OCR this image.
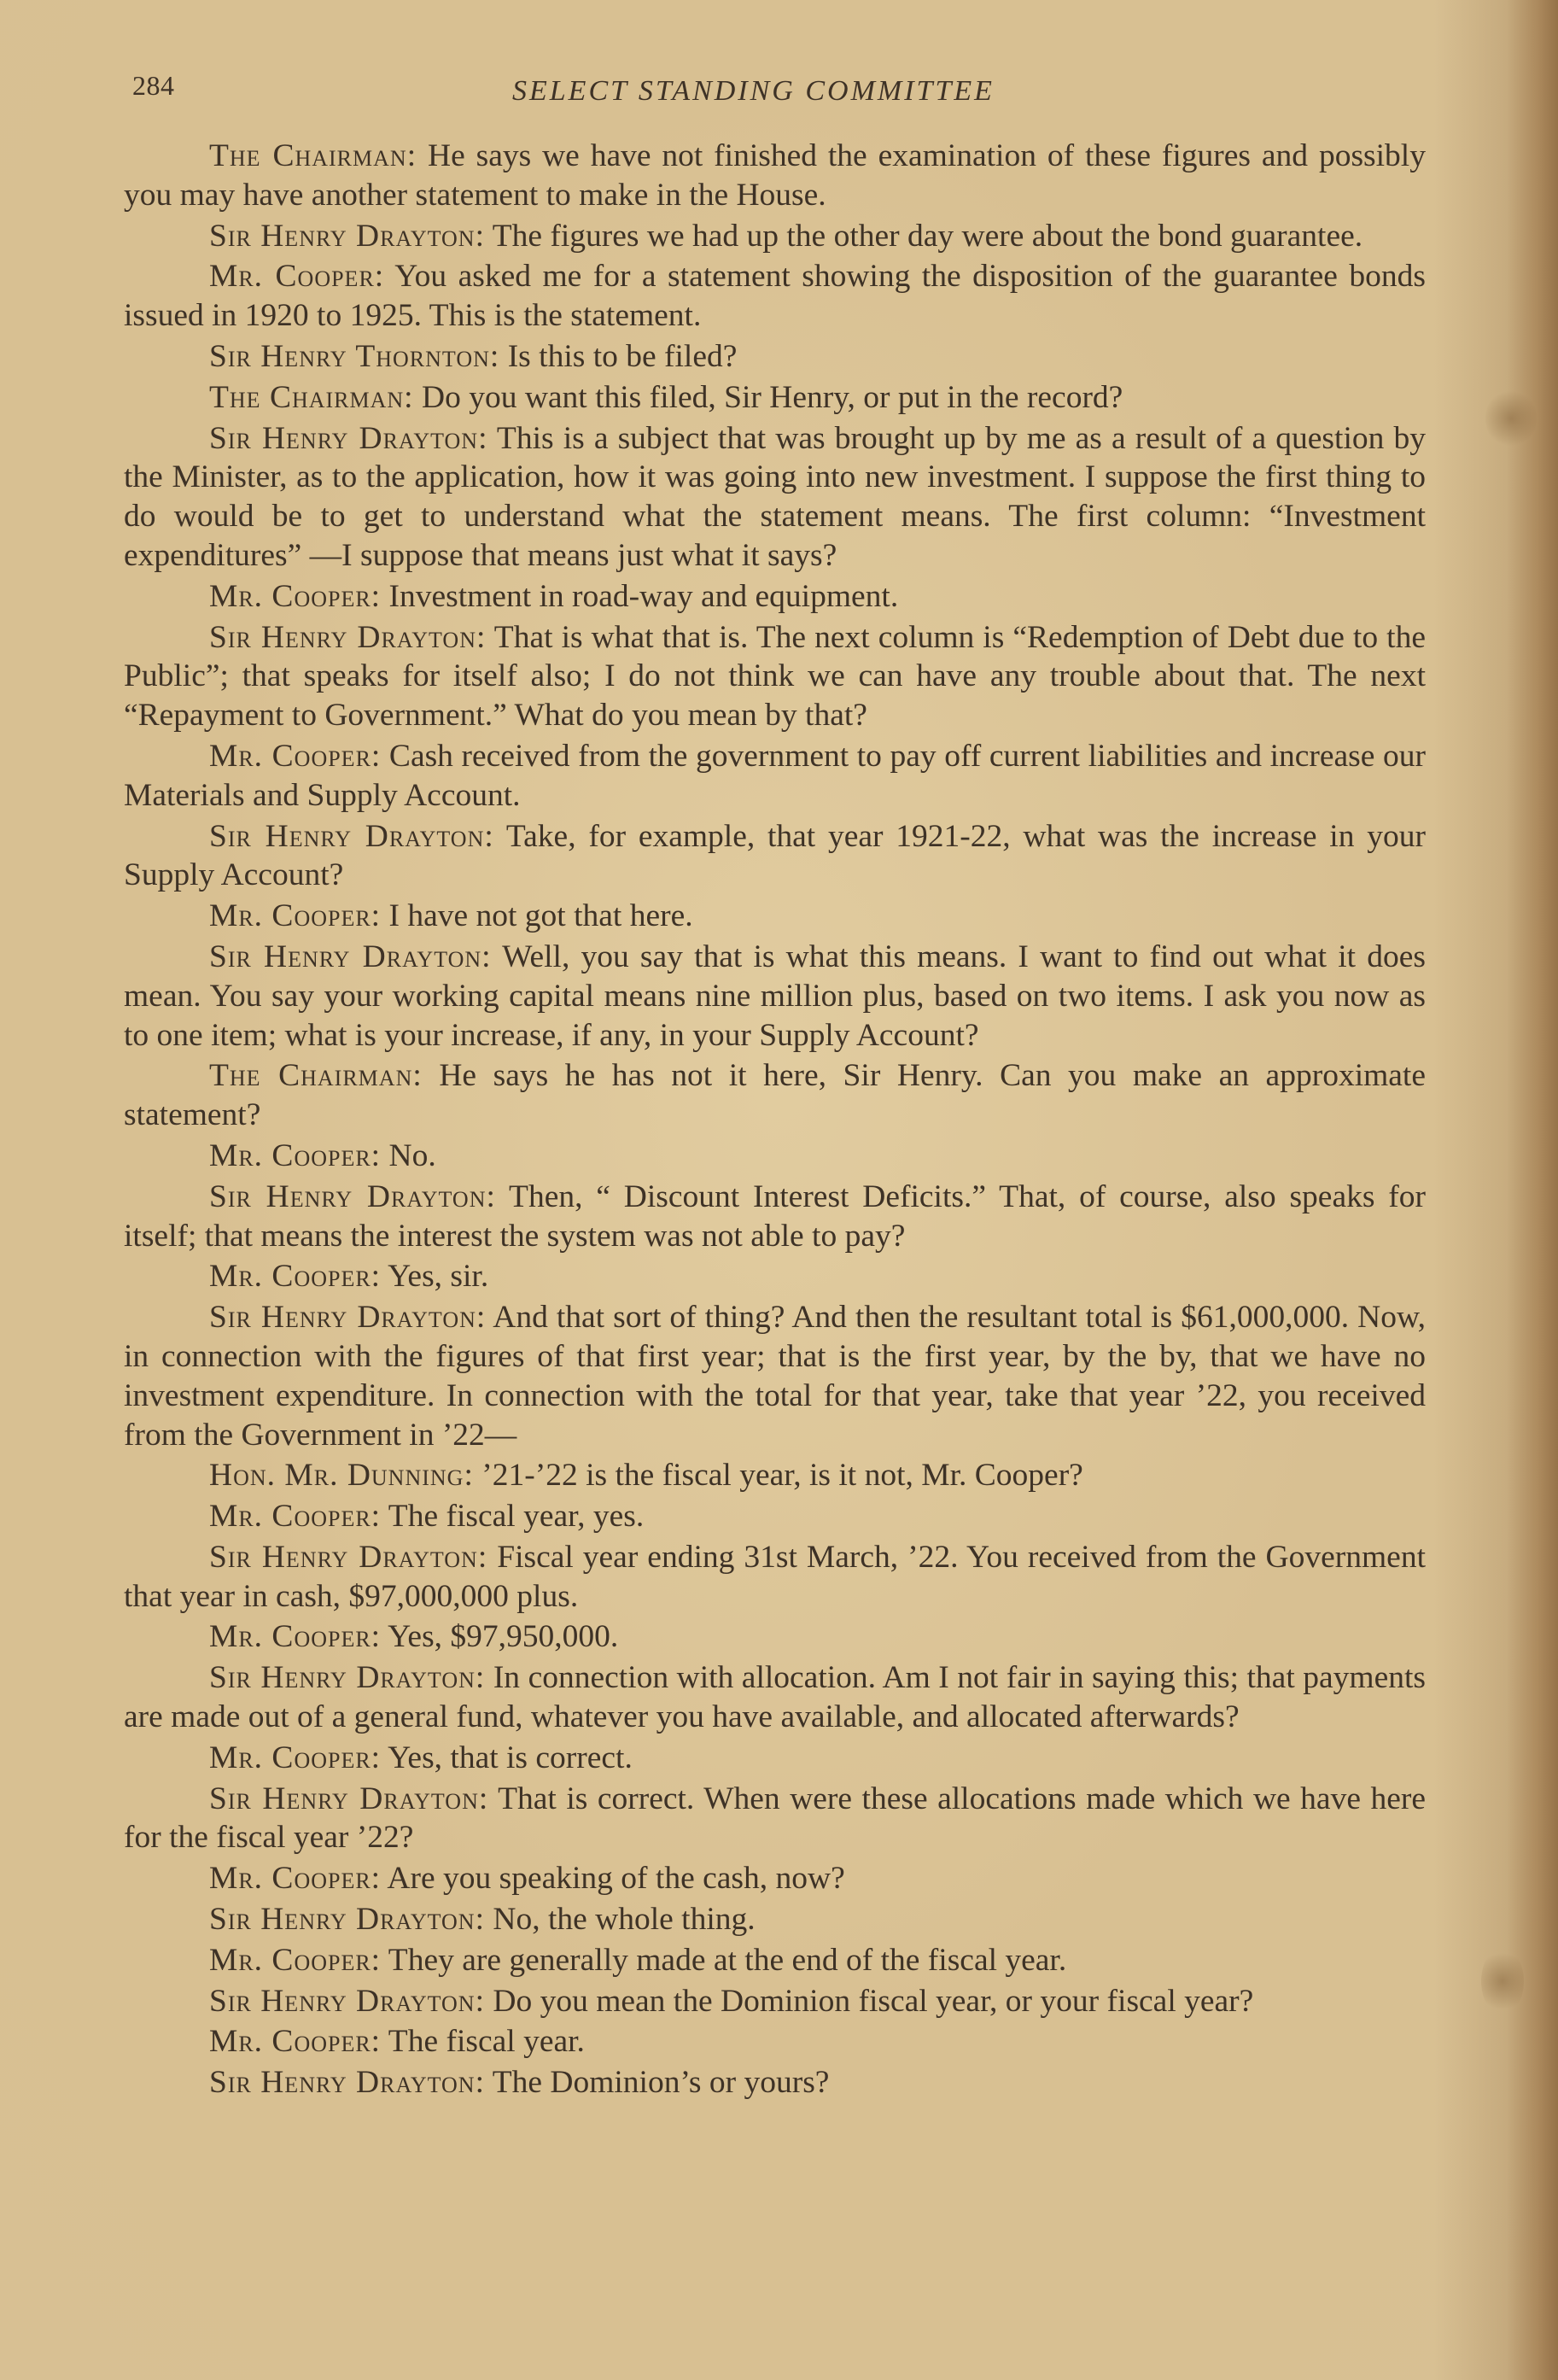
284	SELECT STANDING COMMITTEE

The Chairman: He says we have not finished the examination of these figures and possibly you may have another statement to make in the House.

Sir Henry Drayton: The figures we had up the other day were about the bond guarantee.

Mr. Cooper: You asked me for a statement showing the disposition of the guarantee bonds issued in 1920 to 1925. This is the statement.

Sir Henry Thornton: Is this to be filed?

The Chairman: Do you want this filed, Sir Henry, or put in the record?

Sir Henry Drayton: This is a subject that was brought up by me as a result of a question by the Minister, as to the application, how it was going into new investment. I suppose the first thing to do would be to get to understand what the statement means. The first column: “Investment expenditures” —I suppose that means just what it says?

Mr. Cooper: Investment in road-way and equipment.

Sir Henry Drayton: That is what that is. The next column is “Redemption of Debt due to the Public”; that speaks for itself also; I do not think we can have any trouble about that. The next “Repayment to Government.” What do you mean by that?

Mr. Cooper: Cash received from the government to pay off current liabilities and increase our Materials and Supply Account.

Sir Henry Drayton: Take, for example, that year 1921-22, what was the increase in your Supply Account?

Mr. Cooper: I have not got that here.

Sir Henry Drayton: Well, you say that is what this means. I want to find out what it does mean. You say your working capital means nine million plus, based on two items. I ask you now as to one item; what is your increase, if any, in your Supply Account?

The Chairman: He says he has not it here, Sir Henry. Can you make an approximate statement?

Mr. Cooper: No.

Sir Henry Drayton: Then, “ Discount Interest Deficits.” That, of course, also speaks for itself; that means the interest the system was not able to pay?

Mr. Cooper: Yes, sir.

Sir Henry Drayton: And that sort of thing? And then the resultant total is $61,000,000. Now, in connection with the figures of that first year; that is the first year, by the by, that we have no investment expenditure. In connection with the total for that year, take that year ’22, you received from the Government in ’22—

Hon. Mr. Dunning: ’21-’22 is the fiscal year, is it not, Mr. Cooper?

Mr. Cooper: The fiscal year, yes.

Sir Henry Drayton: Fiscal year ending 31st March, ’22. You received from the Government that year in cash, $97,000,000 plus.

Mr. Cooper: Yes, $97,950,000.

Sir Henry Drayton: In connection with allocation. Am I not fair in saying this; that payments are made out of a general fund, whatever you have available, and allocated afterwards?

Mr. Cooper: Yes, that is correct.

Sir Henry Drayton: That is correct. When were these allocations made which we have here for the fiscal year ’22?

Mr. Cooper: Are you speaking of the cash, now?

Sir Henry Drayton: No, the whole thing.

Mr. Cooper: They are generally made at the end of the fiscal year.

Sir Henry Drayton: Do you mean the Dominion fiscal year, or your fiscal year?

Mr. Cooper: The fiscal year.

Sir Henry Drayton: The Dominion’s or yours?
